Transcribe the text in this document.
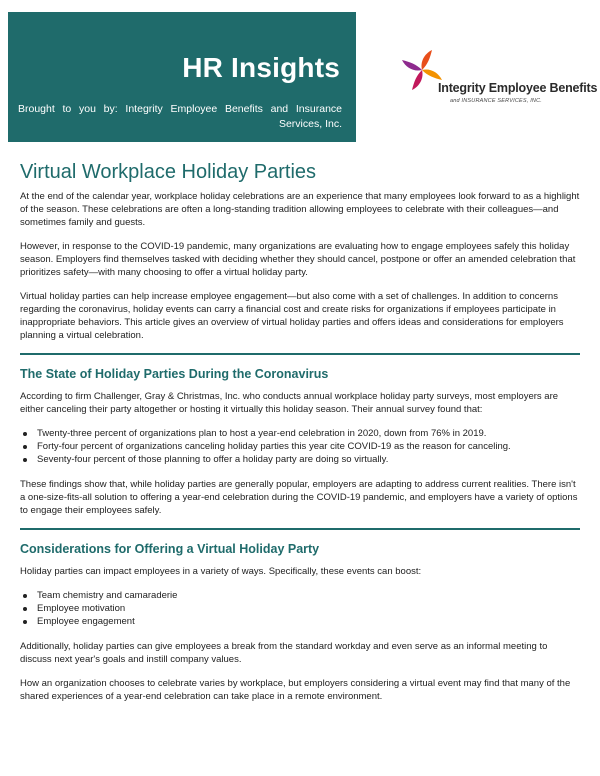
HR Insights
Brought to you by: Integrity Employee Benefits and Insurance Services, Inc.
Integrity Employee Benefits
and INSURANCE SERVICES, INC.
Virtual Workplace Holiday Parties

At the end of the calendar year, workplace holiday celebrations are an experience that many employees look forward to as a highlight of the season. These celebrations are often a long-standing tradition allowing employees to celebrate with their colleagues—and sometimes family and guests.

However, in response to the COVID-19 pandemic, many organizations are evaluating how to engage employees safely this holiday season. Employers find themselves tasked with deciding whether they should cancel, postpone or offer an amended celebration that prioritizes safety—with many choosing to offer a virtual holiday party.

Virtual holiday parties can help increase employee engagement—but also come with a set of challenges. In addition to concerns regarding the coronavirus, holiday events can carry a financial cost and create risks for organizations if employees participate in inappropriate behaviors. This article gives an overview of virtual holiday parties and offers ideas and considerations for employers planning a virtual celebration.

The State of Holiday Parties During the Coronavirus

According to firm Challenger, Gray & Christmas, Inc. who conducts annual workplace holiday party surveys, most employers are either canceling their party altogether or hosting it virtually this holiday season. Their annual survey found that:

Twenty-three percent of organizations plan to host a year-end celebration in 2020, down from 76% in 2019.
Forty-four percent of organizations canceling holiday parties this year cite COVID-19 as the reason for canceling.
Seventy-four percent of those planning to offer a holiday party are doing so virtually.

These findings show that, while holiday parties are generally popular, employers are adapting to address current realities. There isn't a one-size-fits-all solution to offering a year-end celebration during the COVID-19 pandemic, and employers have a variety of options to engage their employees safely.

Considerations for Offering a Virtual Holiday Party

Holiday parties can impact employees in a variety of ways. Specifically, these events can boost:

Team chemistry and camaraderie
Employee motivation
Employee engagement

Additionally, holiday parties can give employees a break from the standard workday and even serve as an informal meeting to discuss next year's goals and instill company values.

How an organization chooses to celebrate varies by workplace, but employers considering a virtual event may find that many of the shared experiences of a year-end celebration can take place in a remote environment.
